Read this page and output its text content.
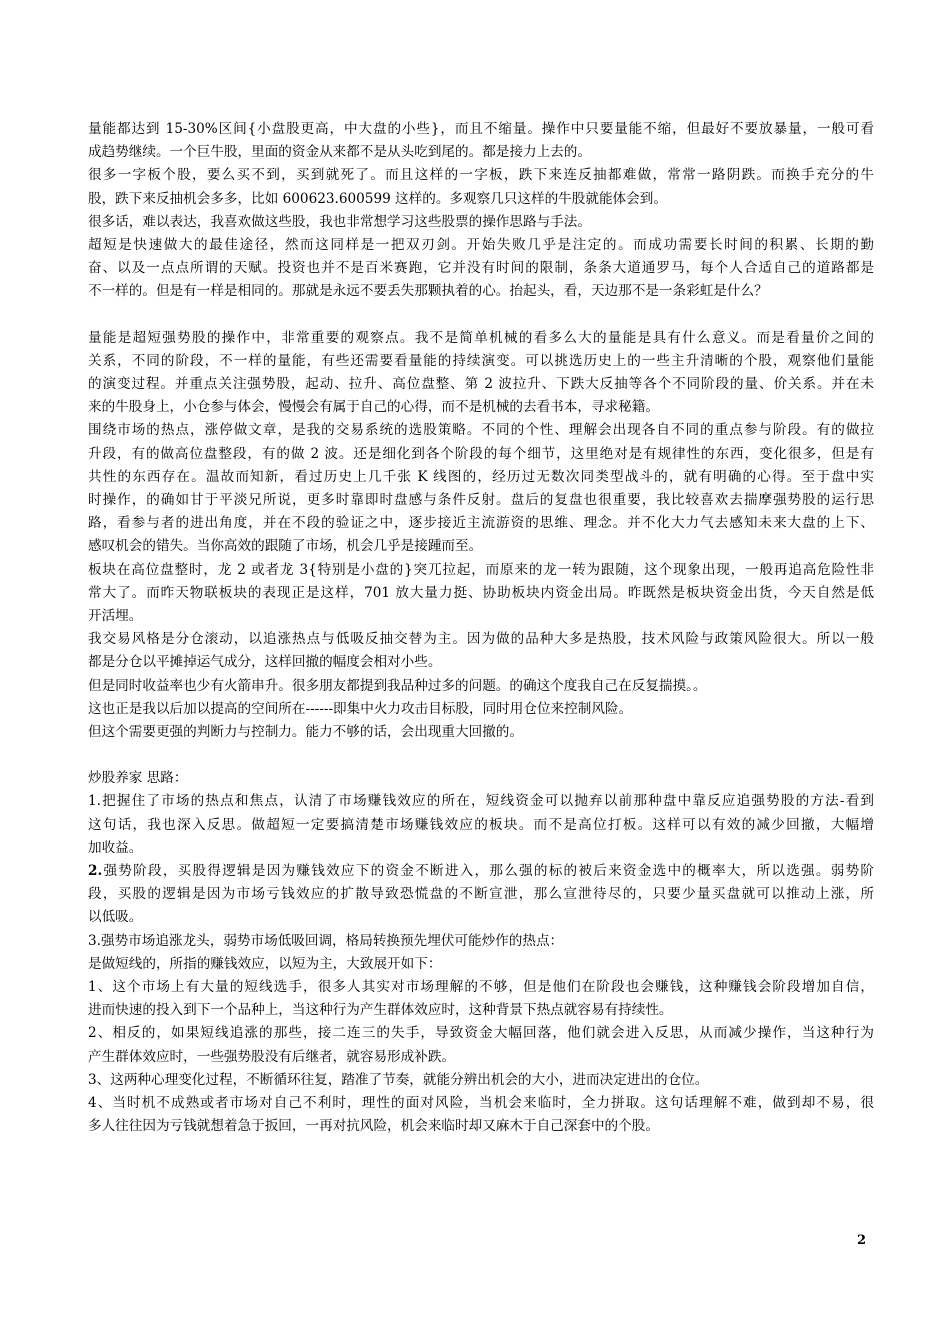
量能都达到 15-30%区间{小盘股更高，中大盘的小些}，而且不缩量。操作中只要量能不缩，但最好不要放暴量，一般可看
成趋势继续。一个巨牛股，里面的资金从来都不是从头吃到尾的。都是接力上去的。
很多一字板个股，要么买不到，买到就死了。而且这样的一字板，跌下来连反抽都难做，常常一路阴跌。而换手充分的牛
股，跌下来反抽机会多多，比如 600623.600599 这样的。多观察几只这样的牛股就能体会到。
很多话，难以表达，我喜欢做这些股，我也非常想学习这些股票的操作思路与手法。
超短是快速做大的最佳途径，然而这同样是一把双刃剑。开始失败几乎是注定的。而成功需要长时间的积累、长期的勤
奋、以及一点点所谓的天赋。投资也并不是百米赛跑，它并没有时间的限制，条条大道通罗马，每个人合适自己的道路都是
不一样的。但是有一样是相同的。那就是永远不要丢失那颗执着的心。抬起头，看，天边那不是一条彩虹是什么？
量能是超短强势股的操作中，非常重要的观察点。我不是简单机械的看多么大的量能是具有什么意义。而是看量价之间的
关系，不同的阶段，不一样的量能，有些还需要看量能的持续演变。可以挑选历史上的一些主升清晰的个股，观察他们量能
的演变过程。并重点关注强势股，起动、拉升、高位盘整、第 2 波拉升、下跌大反抽等各个不同阶段的量、价关系。并在未
来的牛股身上，小仓参与体会，慢慢会有属于自己的心得，而不是机械的去看书本，寻求秘籍。
围绕市场的热点，涨停做文章，是我的交易系统的选股策略。不同的个性、理解会出现各自不同的重点参与阶段。有的做拉
升段，有的做高位盘整段，有的做 2 波。还是细化到各个阶段的每个细节，这里绝对是有规律性的东西，变化很多，但是有
共性的东西存在。温故而知新，看过历史上几千张 K 线图的，经历过无数次同类型战斗的，就有明确的心得。至于盘中实
时操作，的确如甘于平淡兄所说，更多时靠即时盘感与条件反射。盘后的复盘也很重要，我比较喜欢去揣摩强势股的运行思
路，看参与者的进出角度，并在不段的验证之中，逐步接近主流游资的思维、理念。并不化大力气去感知未来大盘的上下、
感叹机会的错失。当你高效的跟随了市场，机会几乎是接踵而至。
板块在高位盘整时，龙 2 或者龙 3{特别是小盘的}突兀拉起，而原来的龙一转为跟随，这个现象出现，一般再追高危险性非
常大了。而昨天物联板块的表现正是这样，701 放大量力挺、协助板块内资金出局。昨既然是板块资金出货，今天自然是低
开活埋。
我交易风格是分仓滚动，以追涨热点与低吸反抽交替为主。因为做的品种大多是热股，技术风险与政策风险很大。所以一般
都是分仓以平摊掉运气成分，这样回撤的幅度会相对小些。
但是同时收益率也少有火箭串升。很多朋友都提到我品种过多的问题。的确这个度我自己在反复揣摸。。
这也正是我以后加以提高的空间所在------即集中火力攻击目标股，同时用仓位来控制风险。
但这个需要更强的判断力与控制力。能力不够的话，会出现重大回撤的。
炒股养家 思路：
1.把握住了市场的热点和焦点，认清了市场赚钱效应的所在，短线资金可以抛弃以前那种盘中靠反应追强势股的方法-看到
这句话，我也深入反思。做超短一定要搞清楚市场赚钱效应的板块。而不是高位打板。这样可以有效的减少回撤，大幅增
加收益。
2.强势阶段，买股得逻辑是因为赚钱效应下的资金不断进入，那么强的标的被后来资金选中的概率大，所以选强。弱势阶
段，买股的逻辑是因为市场亏钱效应的扩散导致恐慌盘的不断宣泄，那么宣泄待尽的，只要少量买盘就可以推动上涨，所
以低吸。
3.强势市场追涨龙头，弱势市场低吸回调，格局转换预先埋伏可能炒作的热点：
是做短线的，所指的赚钱效应，以短为主，大致展开如下：
1、这个市场上有大量的短线选手，很多人其实对市场理解的不够，但是他们在阶段也会赚钱，这种赚钱会阶段增加自信，
进而快速的投入到下一个品种上，当这种行为产生群体效应时，这种背景下热点就容易有持续性。
2、相反的，如果短线追涨的那些，接二连三的失手，导致资金大幅回落，他们就会进入反思，从而减少操作，当这种行为
产生群体效应时，一些强势股没有后继者，就容易形成补跌。
3、这两种心理变化过程，不断循环往复，踏准了节奏，就能分辨出机会的大小，进而决定进出的仓位。
4、当时机不成熟或者市场对自己不利时，理性的面对风险，当机会来临时，全力拼取。这句话理解不难，做到却不易，很
多人往往因为亏钱就想着急于扳回，一再对抗风险，机会来临时却又麻木于自己深套中的个股。
2
